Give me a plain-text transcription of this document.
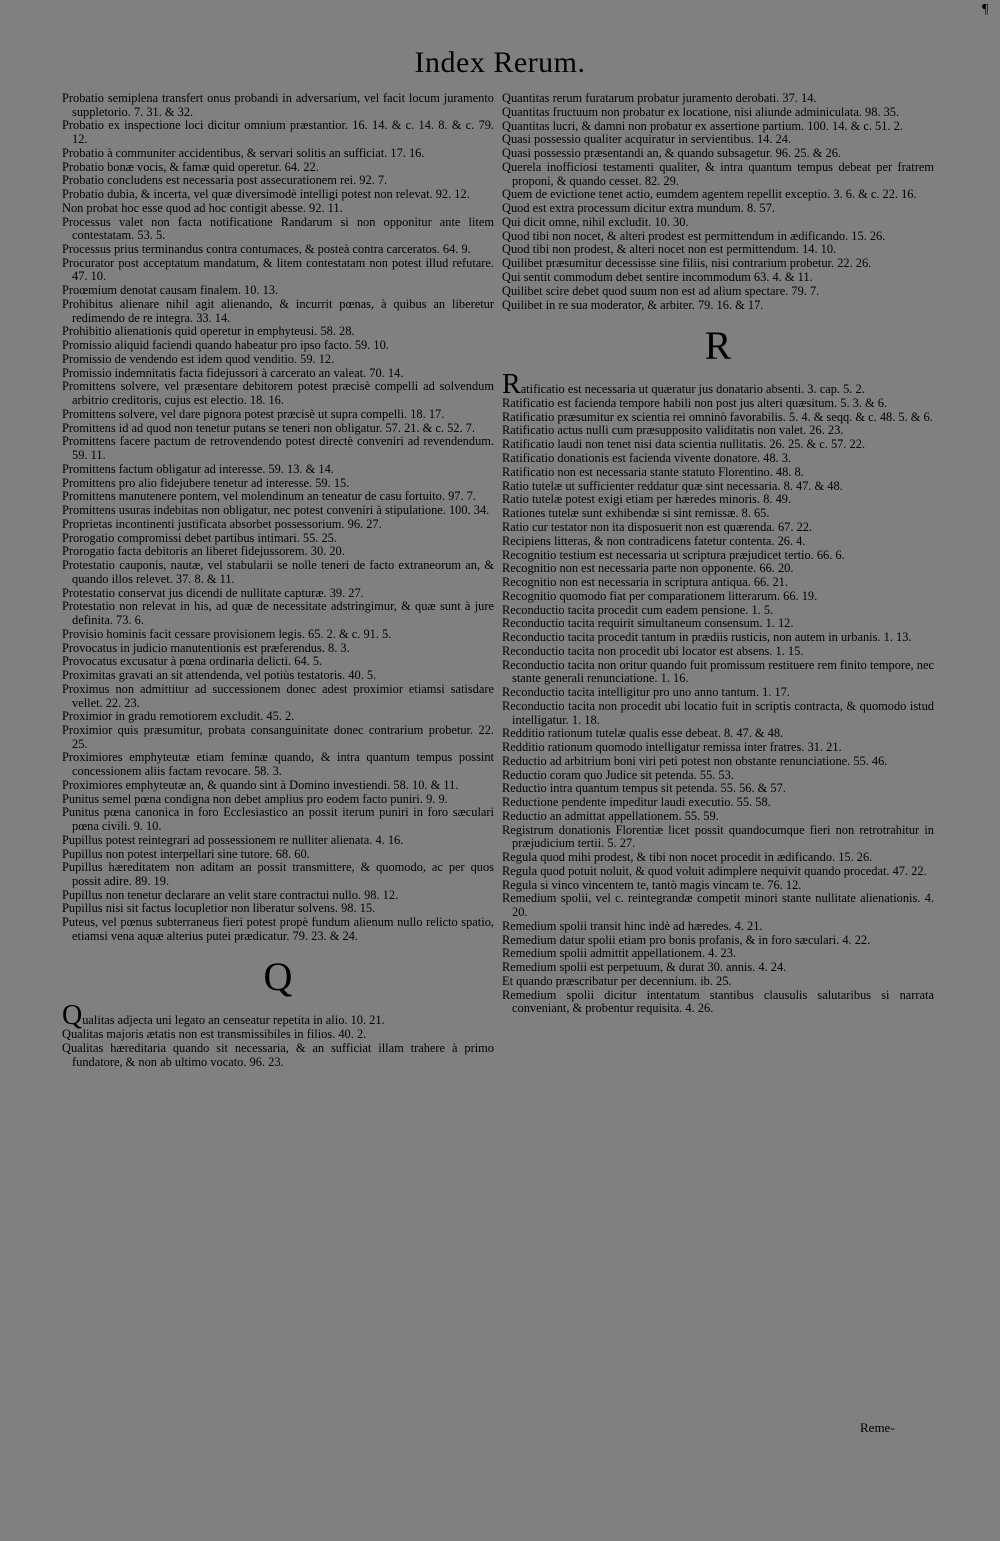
¶
Index Rerum.

Probatio semiplena transfert onus probandi in adversarium, vel facit locum juramento suppletorio. 7. 31. & 32.

Probatio ex inspectione loci dicitur omnium præstantior. 16. 14. & c. 14. 8. & c. 79. 12.

Probatio à communiter accidentibus, & servari solitis an sufficiat. 17. 16.

Probatio bonæ vocis, & famæ quid operetur. 64. 22.

Probatio concludens est necessaria post assecurationem rei. 92. 7.

Probatio dubia, & incerta, vel quæ diversimodè intelligi potest non relevat. 92. 12.

Non probat hoc esse quod ad hoc contigit abesse. 92. 11.

Processus valet non facta notificatione Randarum si non opponitur ante litem contestatam. 53. 5.

Processus prius terminandus contra contumaces, & posteà contra carceratos. 64. 9.

Procurator post acceptatum mandatum, & litem contestatam non potest illud refutare. 47. 10.

Proœmium denotat causam finalem. 10. 13.

Prohibitus alienare nihil agit alienando, & incurrit pœnas, à quibus an liberetur redimendo de re integra. 33. 14.

Prohibitio alienationis quid operetur in emphyteusi. 58. 28.

Promissio aliquid faciendi quando habeatur pro ipso facto. 59. 10.

Promissio de vendendo est idem quod venditio. 59. 12.

Promissio indemnitatis facta fidejussori à carcerato an valeat. 70. 14.

Promittens solvere, vel præsentare debitorem potest præcisè compelli ad solvendum arbitrio creditoris, cujus est electio. 18. 16.

Promittens solvere, vel dare pignora potest præcisè ut supra compelli. 18. 17.

Promittens id ad quod non tenetur putans se teneri non obligatur. 57. 21. & c. 52. 7.

Promittens facere pactum de retrovendendo potest directè conveniri ad revendendum. 59. 11.

Promittens factum obligatur ad interesse. 59. 13. & 14.

Promittens pro alio fidejubere tenetur ad interesse. 59. 15.

Promittens manutenere pontem, vel molendinum an teneatur de casu fortuito. 97. 7.

Promittens usuras indebitas non obligatur, nec potest conveniri à stipulatione. 100. 34.

Proprietas incontinenti justificata absorbet possessorium. 96. 27.

Prorogatio compromissi debet partibus intimari. 55. 25.

Prorogatio facta debitoris an liberet fidejussorem. 30. 20.

Protestatio cauponis, nautæ, vel stabularii se nolle teneri de facto extraneorum an, & quando illos relevet. 37. 8. & 11.

Protestatio conservat jus dicendi de nullitate capturæ. 39. 27.

Protestatio non relevat in his, ad quæ de necessitate adstringimur, & quæ sunt à jure definita. 73. 6.

Provisio hominis facit cessare provisionem legis. 65. 2. & c. 91. 5.

Provocatus in judicio manutentionis est præferendus. 8. 3.

Provocatus excusatur à pœna ordinaria delicti. 64. 5.

Proximitas gravati an sit attendenda, vel potiùs testatoris. 40. 5.

Proximus non admittitur ad successionem donec adest proximior etiamsi satisdare vellet. 22. 23.

Proximior in gradu remotiorem excludit. 45. 2.

Proximior quis præsumitur, probata consanguinitate donec contrarium probetur. 22. 25.

Proximiores emphyteutæ etiam feminæ quando, & intra quantum tempus possint concessionem aliis factam revocare. 58. 3.

Proximiores emphyteutæ an, & quando sint à Domino investiendi. 58. 10. & 11.

Punitus semel pœna condigna non debet amplius pro eodem facto puniri. 9. 9.

Punitus pœna canonica in foro Ecclesiastico an possit iterum puniri in foro sæculari pœna civili. 9. 10.

Pupillus potest reintegrari ad possessionem re nulliter alienata. 4. 16.

Pupillus non potest interpellari sine tutore. 68. 60.

Pupillus hæreditatem non aditam an possit transmittere, & quomodo, ac per quos possit adire. 89. 19.

Pupillus non tenetur declarare an velit stare contractui nullo. 98. 12.

Pupillus nisi sit factus locupletior non liberatur solvens. 98. 15.

Puteus, vel pœnus subterraneus fieri potest propè fundum alienum nullo relicto spatio, etiamsi vena aquæ alterius putei prædicatur. 79. 23. & 24.

Q

Qualitas adjecta uni legato an censeatur repetita in alio. 10. 21.

Qualitas majoris ætatis non est transmissibiles in filios. 40. 2.

Qualitas hæreditaria quando sit necessaria, & an sufficiat illam trahere à primo fundatore, & non ab ultimo vocato. 96. 23.

Quantitas rerum furatarum probatur juramento derobati. 37. 14.

Quantitas fructuum non probatur ex locatione, nisi aliunde adminiculata. 98. 35.

Quantitas lucri, & damni non probatur ex assertione partium. 100. 14. & c. 51. 2.

Quasi possessio qualiter acquiratur in servientibus. 14. 24.

Quasi possessio præsentandi an, & quando subsagetur. 96. 25. & 26.

Querela inofficiosi testamenti qualiter, & intra quantum tempus debeat per fratrem proponi, & quando cesset. 82. 29.

Quem de evictione tenet actio, eumdem agentem repellit exceptio. 3. 6. & c. 22. 16.

Quod est extra processum dicitur extra mundum. 8. 57.

Qui dicit omne, nihil excludit. 10. 30.

Quod tibi non nocet, & alteri prodest est permittendum in ædificando. 15. 26.

Quod tibi non prodest, & alteri nocet non est permittendum. 14. 10.

Quilibet præsumitur decessisse sine filiis, nisi contrarium probetur. 22. 26.

Qui sentit commodum debet sentire incommodum 63. 4. & 11.

Quilibet scire debet quod suum non est ad alium spectare. 79. 7.

Quilibet in re sua moderator, & arbiter. 79. 16. & 17.

R

Ratificatio est necessaria ut quæratur jus donatario absenti. 3. cap. 5. 2.

Ratificatio est facienda tempore habili non post jus alteri quæsitum. 5. 3. & 6.

Ratificatio præsumitur ex scientia rei omninò favorabilis. 5. 4. & seqq. & c. 48. 5. & 6.

Ratificatio actus nulli cum præsupposito validitatis non valet. 26. 23.

Ratificatio laudi non tenet nisi data scientia nullitatis. 26. 25. & c. 57. 22.

Ratificatio donationis est facienda vivente donatore. 48. 3.

Ratificatio non est necessaria stante statuto Florentino. 48. 8.

Ratio tutelæ ut sufficienter reddatur quæ sint necessaria. 8. 47. & 48.

Ratio tutelæ potest exigi etiam per hæredes minoris. 8. 49.

Rationes tutelæ sunt exhibendæ si sint remissæ. 8. 65.

Ratio cur testator non ita disposuerit non est quærenda. 67. 22.

Recipiens litteras, & non contradicens fatetur contenta. 26. 4.

Recognitio testium est necessaria ut scriptura præjudicet tertio. 66. 6.

Recognitio non est necessaria parte non opponente. 66. 20.

Recognitio non est necessaria in scriptura antiqua. 66. 21.

Recognitio quomodo fiat per comparationem litterarum. 66. 19.

Reconductio tacita procedit cum eadem pensione. 1. 5.

Reconductio tacita requirit simultaneum consensum. 1. 12.

Reconductio tacita procedit tantum in prædiis rusticis, non autem in urbanis. 1. 13.

Reconductio tacita non procedit ubi locator est absens. 1. 15.

Reconductio tacita non oritur quando fuit promissum restituere rem finito tempore, nec stante generali renunciatione. 1. 16.

Reconductio tacita intelligitur pro uno anno tantum. 1. 17.

Reconductio tacita non procedit ubi locatio fuit in scriptis contracta, & quomodo istud intelligatur. 1. 18.

Redditio rationum tutelæ qualis esse debeat. 8. 47. & 48.

Redditio rationum quomodo intelligatur remissa inter fratres. 31. 21.

Reductio ad arbitrium boni viri peti potest non obstante renunciatione. 55. 46.

Reductio coram quo Judice sit petenda. 55. 53.

Reductio intra quantum tempus sit petenda. 55. 56. & 57.

Reductione pendente impeditur laudi executio. 55. 58.

Reductio an admittat appellationem. 55. 59.

Registrum donationis Florentiæ licet possit quandocumque fieri non retrotrahitur in præjudicium tertii. 5. 27.

Regula quod mihi prodest, & tibi non nocet procedit in ædificando. 15. 26.

Regula quod potuit noluit, & quod voluit adimplere nequivit quando procedat. 47. 22.

Regula si vinco vincentem te, tantò magis vincam te. 76. 12.

Remedium spolii, vel c. reintegrandæ competit minori stante nullitate alienationis. 4. 20.

Remedium spolii transit hinc indè ad hæredes. 4. 21.

Remedium datur spolii etiam pro bonis profanis, & in foro sæculari. 4. 22.

Remedium spolii admittit appellationem. 4. 23.

Remedium spolii est perpetuum, & durat 30. annis. 4. 24.

Et quando præscribatur per decennium. ib. 25.

Remedium spolii dicitur intentatum stantibus clausulis salutaribus si narrata conveniant, & probentur requisita. 4. 26.

Reme-
